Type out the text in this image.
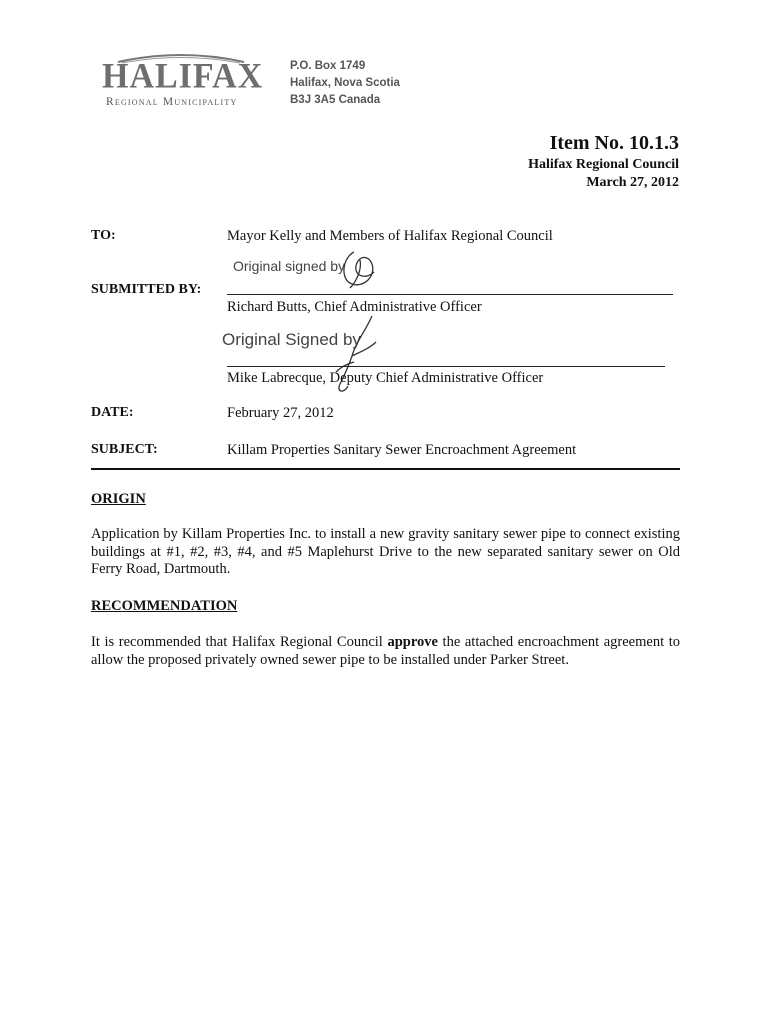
HALIFAX
Regional Municipality
P.O. Box 1749
Halifax, Nova Scotia
B3J 3A5 Canada
Item No. 10.1.3
Halifax Regional Council
March 27, 2012
TO:	Mayor Kelly and Members of Halifax Regional Council
Original signed by
SUBMITTED BY:
Richard Butts, Chief Administrative Officer
Original Signed by
Mike Labrecque, Deputy Chief Administrative Officer
DATE:	February 27, 2012
SUBJECT:	Killam Properties Sanitary Sewer Encroachment Agreement
ORIGIN
Application by Killam Properties Inc. to install a new gravity sanitary sewer pipe to connect existing buildings at #1, #2, #3, #4, and #5 Maplehurst Drive to the new separated sanitary sewer on Old Ferry Road, Dartmouth.
RECOMMENDATION
It is recommended that Halifax Regional Council approve the attached encroachment agreement to allow the proposed privately owned sewer pipe to be installed under Parker Street.
